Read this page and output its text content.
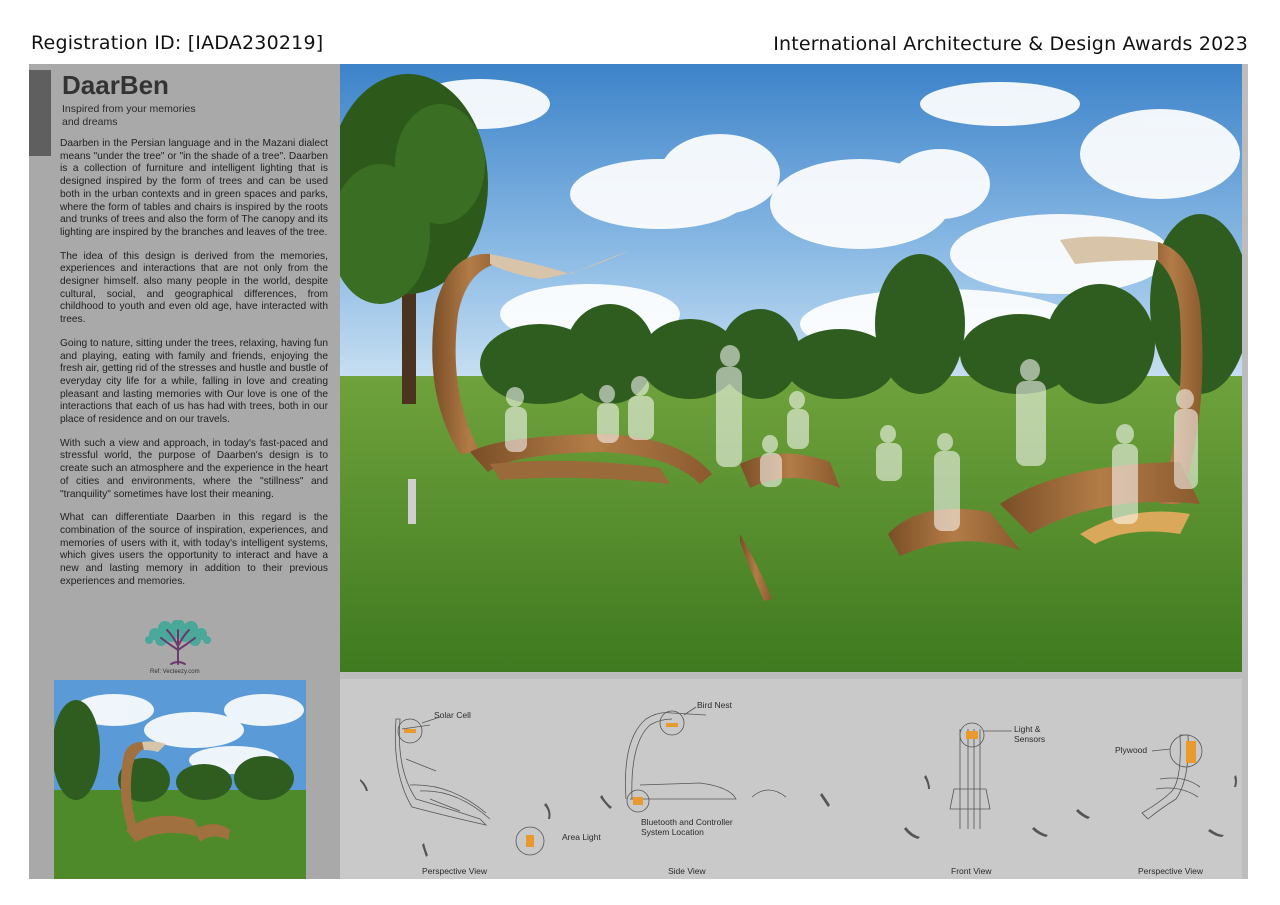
Registration ID: [IADA230219]	International Architecture & Design Awards 2023
DaarBen
Inspired from your memories and dreams

Daarben in the Persian language and in the Mazani dialect means "under the tree" or "in the shade of a tree". Daarben is a collection of furniture and intelligent lighting that is designed inspired by the form of trees and can be used both in the urban contexts and in green spaces and parks, where the form of tables and chairs is inspired by the roots and trunks of trees and also the form of The canopy and its lighting are inspired by the branches and leaves of the tree.

The idea of this design is derived from the memories, experiences and interactions that are not only from the designer himself. also many people in the world, despite cultural, social, and geographical differences, from childhood to youth and even old age, have interacted with trees.

Going to nature, sitting under the trees, relaxing, having fun and playing, eating with family and friends, enjoying the fresh air, getting rid of the stresses and hustle and bustle of everyday city life for a while, falling in love and creating pleasant and lasting memories with Our love is one of the interactions that each of us has had with trees, both in our place of residence and on our travels.

With such a view and approach, in today's fast-paced and stressful world, the purpose of Daarben's design is to create such an atmosphere and the experience in the heart of cities and environments, where the "stillness" and "tranquility" sometimes have lost their meaning.

What can differentiate Daarben in this regard is the combination of the source of inspiration, experiences, and memories of users with it, with today's intelligent systems, which gives users the opportunity to interact and have a new and lasting memory in addition to their previous experiences and memories.

Ref: Vecteezy.com
Solar Cell
Bird Nest
Area Light
Bluetooth and Controller System Location
Light & Sensors
Plywood
Perspective View	Side View	Front View	Perspective View
